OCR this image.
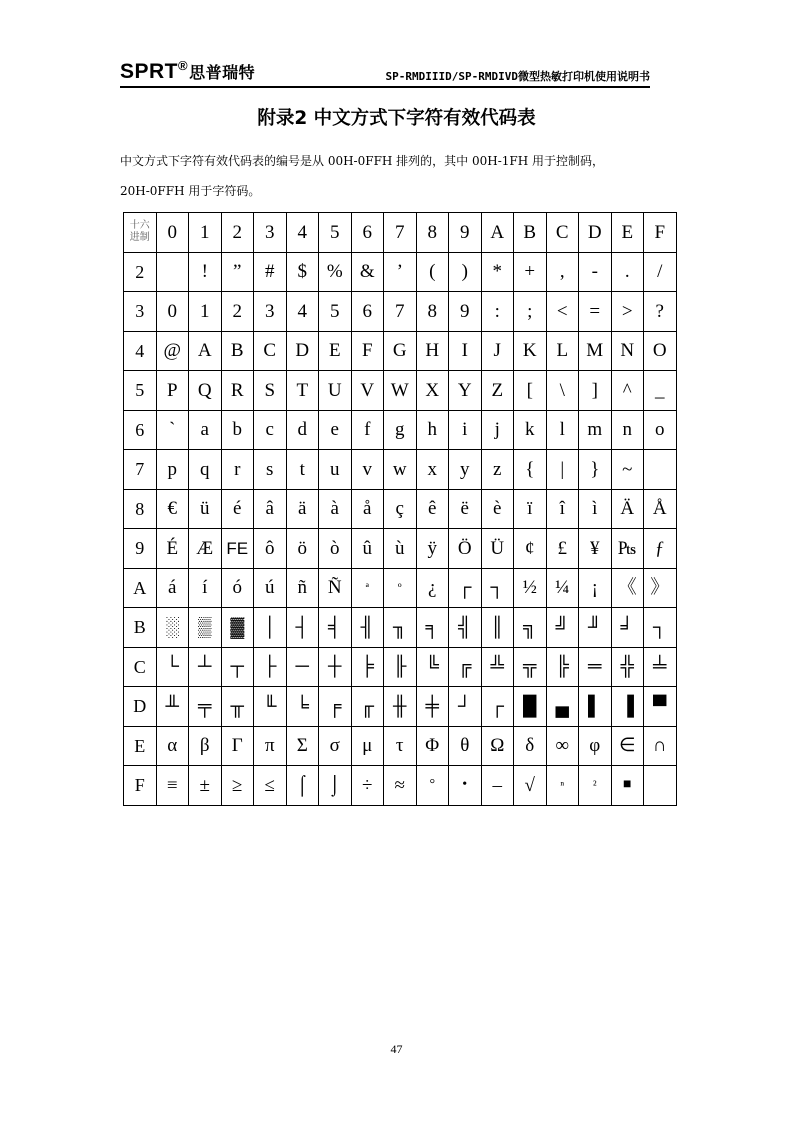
SPRT®思普瑞特	SP-RMDIIID/SP-RMDIVD微型热敏打印机使用说明书
附录2 中文方式下字符有效代码表
中文方式下字符有效代码表的编号是从 00H-0FFH 排列的，其中 00H-1FH 用于控制码，
20H-0FFH 用于字符码。
十六
进制	0	1	2	3	4	5	6	7	8	9	A	B	C	D	E	F
2		!	”	#	$	%	&	’	(	)	*	+	,	-	.	/
3	0	1	2	3	4	5	6	7	8	9	:	;	<	=	>	?
4	@	A	B	C	D	E	F	G	H	I	J	K	L	M	N	O
5	P	Q	R	S	T	U	V	W	X	Y	Z	[	\	]	^	_
6	`	a	b	c	d	e	f	g	h	i	j	k	l	m	n	o
7	p	q	r	s	t	u	v	w	x	y	z	{	|	}	~	
8	€	ü	é	â	ä	à	å	ç	ê	ë	è	ï	î	ì	Ä	Å
9	É	Æ	FE	ô	ö	ò	û	ù	ÿ	Ö	Ü	¢	£	¥	₧	ƒ
A	á	í	ó	ú	ñ	Ñ	ª	º	¿	┌	┐	½	¼	¡	《	》
B	░	▒	▓	│	┤	╡	╢	╖	╕	╣	║	╗	╝	╜	╛	┐
C	└	┴	┬	├	─	┼	╞	╟	╚	╔	╩	╦	╠	═	╬	╧
D	╨	╤	╥	╙	╘	╒	╓	╫	╪	┘	┌	█	▄	▌	▐	▀
E	α	β	Γ	π	Σ	σ	μ	τ	Φ	θ	Ω	δ	∞	φ	∈	∩
F	≡	±	≥	≤	⌠	⌡	÷	≈	°	•	–	√	ⁿ	²	■	
47
